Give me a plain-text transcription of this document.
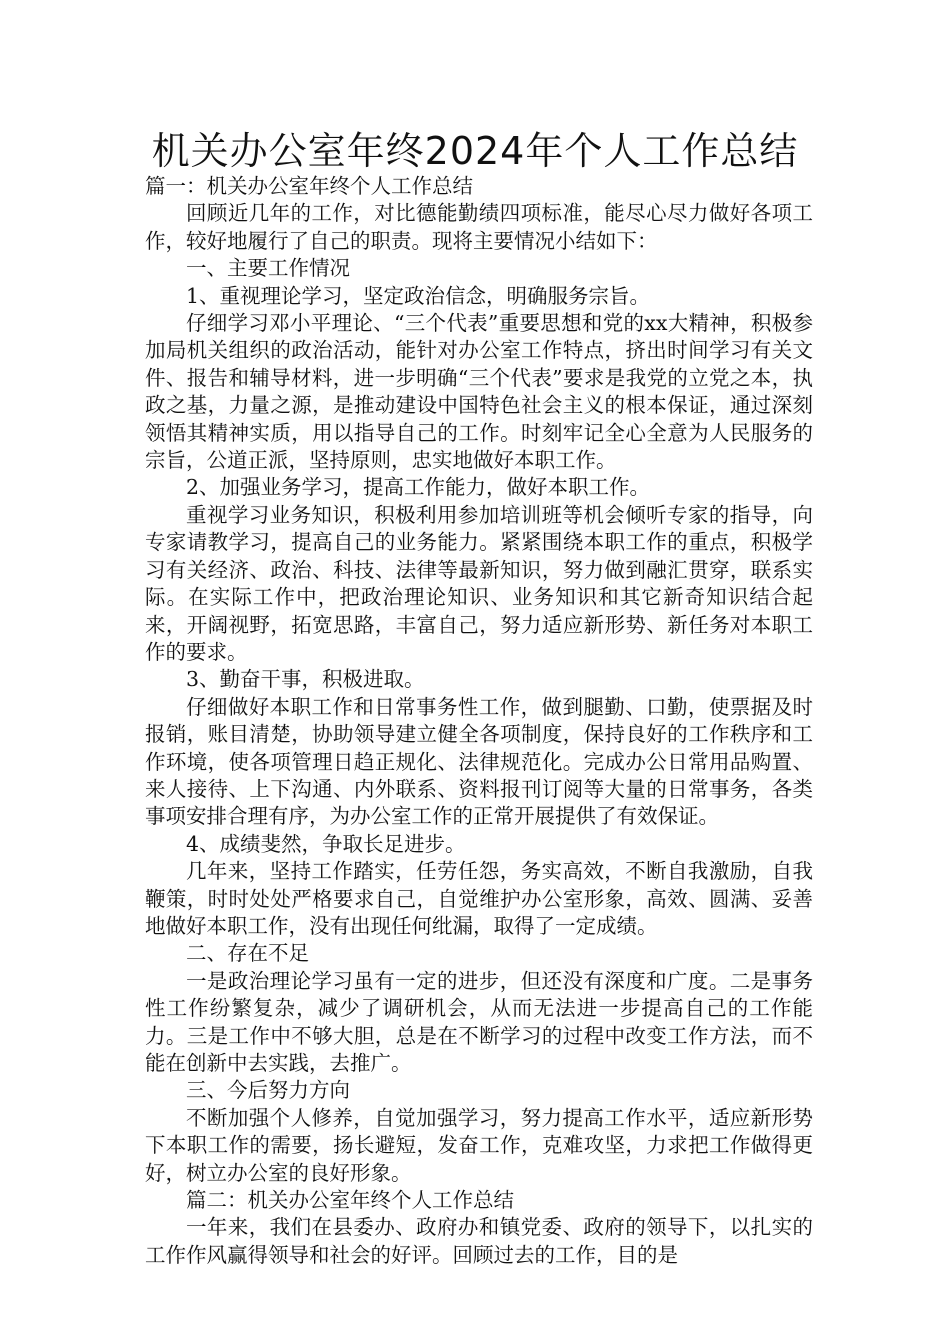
机关办公室年终2024年个人工作总结

篇一：机关办公室年终个人工作总结

回顾近几年的工作，对比德能勤绩四项标准，能尽心尽力做好各项工作，较好地履行了自己的职责。现将主要情况小结如下：

一、主要工作情况

1、重视理论学习，坚定政治信念，明确服务宗旨。

仔细学习邓小平理论、“三个代表”重要思想和党的xx大精神，积极参加局机关组织的政治活动，能针对办公室工作特点，挤出时间学习有关文件、报告和辅导材料，进一步明确“三个代表”要求是我党的立党之本，执政之基，力量之源，是推动建设中国特色社会主义的根本保证，通过深刻领悟其精神实质，用以指导自己的工作。时刻牢记全心全意为人民服务的宗旨，公道正派，坚持原则，忠实地做好本职工作。

2、加强业务学习，提高工作能力，做好本职工作。

重视学习业务知识，积极利用参加培训班等机会倾听专家的指导，向专家请教学习，提高自己的业务能力。紧紧围绕本职工作的重点，积极学习有关经济、政治、科技、法律等最新知识，努力做到融汇贯穿，联系实际。在实际工作中，把政治理论知识、业务知识和其它新奇知识结合起来，开阔视野，拓宽思路，丰富自己，努力适应新形势、新任务对本职工作的要求。

3、勤奋干事，积极进取。

仔细做好本职工作和日常事务性工作，做到腿勤、口勤，使票据及时报销，账目清楚，协助领导建立健全各项制度，保持良好的工作秩序和工作环境，使各项管理日趋正规化、法律规范化。完成办公日常用品购置、来人接待、上下沟通、内外联系、资料报刊订阅等大量的日常事务，各类事项安排合理有序，为办公室工作的正常开展提供了有效保证。

4、成绩斐然，争取长足进步。

几年来，坚持工作踏实，任劳任怨，务实高效，不断自我激励，自我鞭策，时时处处严格要求自己，自觉维护办公室形象，高效、圆满、妥善地做好本职工作，没有出现任何纰漏，取得了一定成绩。

二、存在不足

一是政治理论学习虽有一定的进步，但还没有深度和广度。二是事务性工作纷繁复杂，减少了调研机会，从而无法进一步提高自己的工作能力。三是工作中不够大胆，总是在不断学习的过程中改变工作方法，而不能在创新中去实践，去推广。

三、今后努力方向

不断加强个人修养，自觉加强学习，努力提高工作水平，适应新形势下本职工作的需要，扬长避短，发奋工作，克难攻坚，力求把工作做得更好，树立办公室的良好形象。

篇二：机关办公室年终个人工作总结

一年来，我们在县委办、政府办和镇党委、政府的领导下，以扎实的工作作风赢得领导和社会的好评。回顾过去的工作，目的是
